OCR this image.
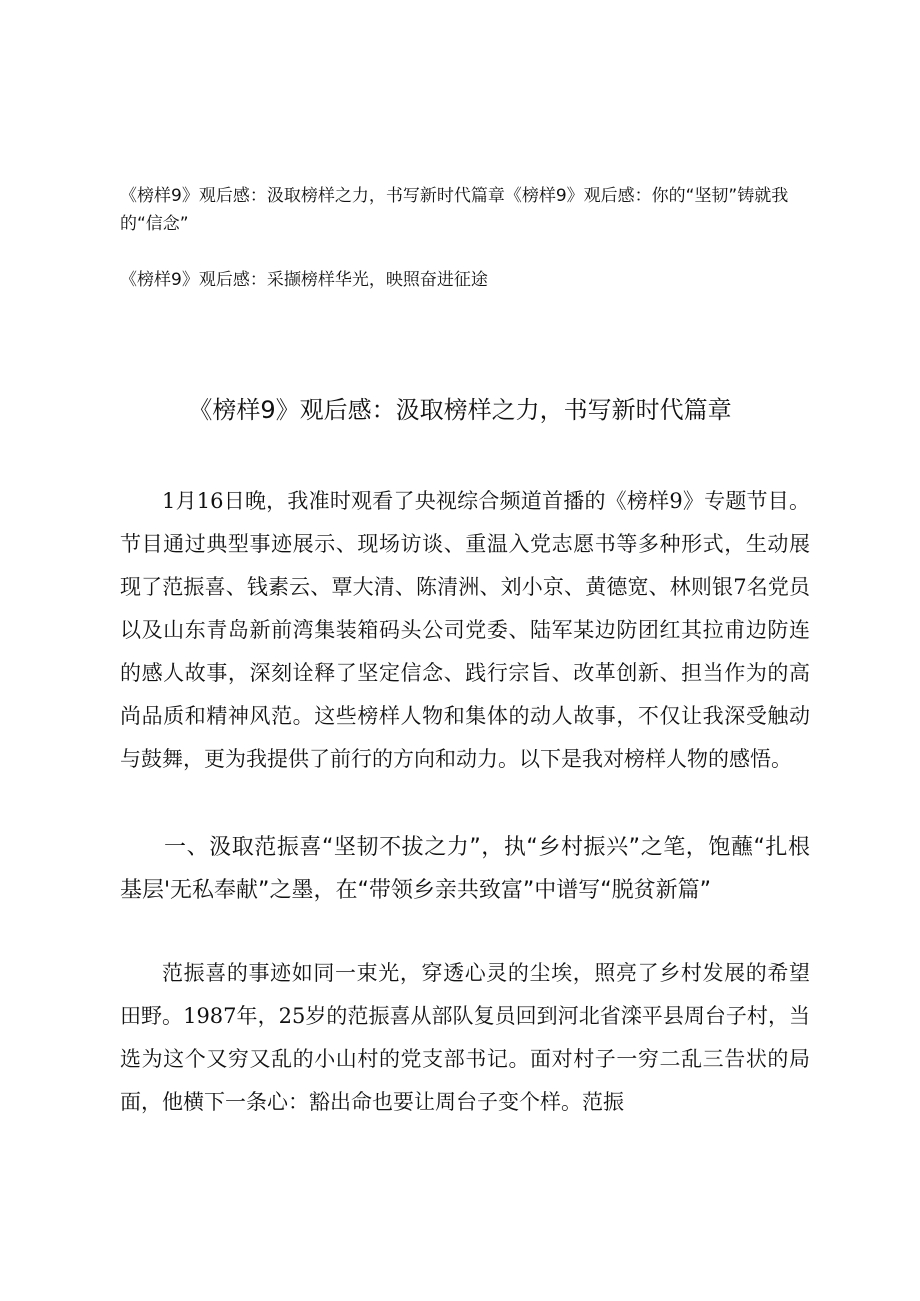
《榜样9》观后感：汲取榜样之力，书写新时代篇章《榜样9》观后感：你的“坚韧”铸就我的“信念”
《榜样9》观后感：采撷榜样华光，映照奋进征途
《榜样9》观后感：汲取榜样之力，书写新时代篇章

1月16日晚，我准时观看了央视综合频道首播的《榜样9》专题节目。节目通过典型事迹展示、现场访谈、重温入党志愿书等多种形式，生动展现了范振喜、钱素云、覃大清、陈清洲、刘小京、黄德宽、林则银7名党员以及山东青岛新前湾集装箱码头公司党委、陆军某边防团红其拉甫边防连的感人故事，深刻诠释了坚定信念、践行宗旨、改革创新、担当作为的高尚品质和精神风范。这些榜样人物和集体的动人故事，不仅让我深受触动与鼓舞，更为我提供了前行的方向和动力。以下是我对榜样人物的感悟。

一、汲取范振喜“坚韧不拔之力”，执“乡村振兴”之笔，饱蘸“扎根基层'无私奉献”之墨，在“带领乡亲共致富”中谱写“脱贫新篇”

范振喜的事迹如同一束光，穿透心灵的尘埃，照亮了乡村发展的希望田野。1987年，25岁的范振喜从部队复员回到河北省滦平县周台子村，当选为这个又穷又乱的小山村的党支部书记。面对村子一穷二乱三告状的局面，他横下一条心：豁出命也要让周台子变个样。范振
